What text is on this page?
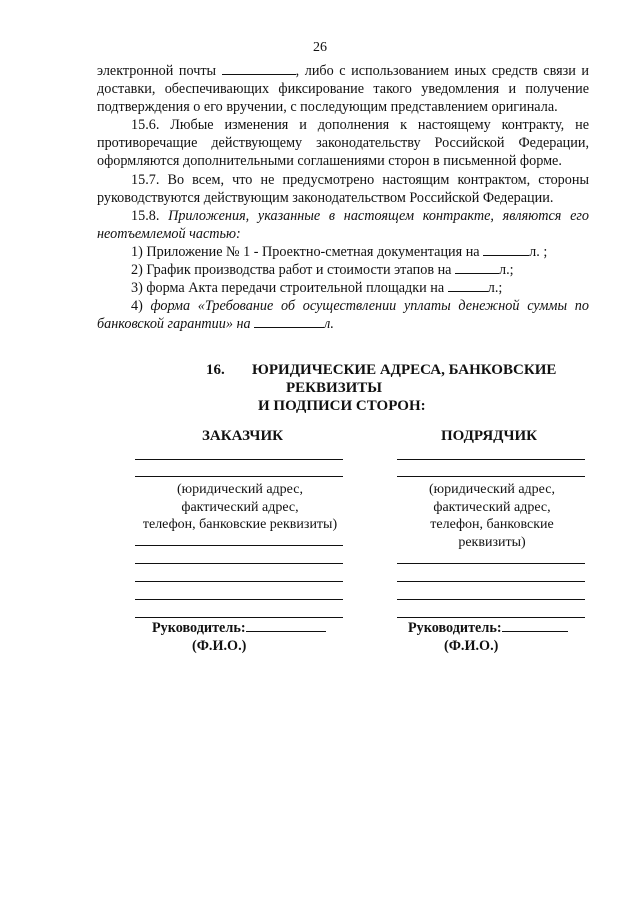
26

электронной почты	, либо с использованием иных средств связи и доставки, обеспечивающих фиксирование такого уведомления и получение подтверждения о его вручении, с последующим представлением оригинала.

15.6. Любые изменения и дополнения к настоящему контракту, не противоречащие действующему законодательству Российской Федерации, оформляются дополнительными соглашениями сторон в письменной форме.

15.7. Во всем, что не предусмотрено настоящим контрактом, стороны руководствуются действующим законодательством Российской Федерации.

15.8. Приложения, указанные в настоящем контракте, являются его неотъемлемой частью:

1) Приложение № 1 - Проектно-сметная документация на	л. ;

2) График производства работ и стоимости этапов на	л.;

3) форма Акта передачи строительной площадки на	л.;

4) форма «Требование об осуществлении уплаты денежной суммы по банковской гарантии» на	л.

16. ЮРИДИЧЕСКИЕ АДРЕСА, БАНКОВСКИЕ
РЕКВИЗИТЫ
И ПОДПИСИ СТОРОН:
ЗАКАЗЧИК
(юридический адрес,
фактический адрес,
телефон, банковские реквизиты)
Руководитель:
(Ф.И.О.)
ПОДРЯДЧИК
(юридический адрес,
фактический адрес,
телефон, банковские
реквизиты)
Руководитель:
(Ф.И.О.)
